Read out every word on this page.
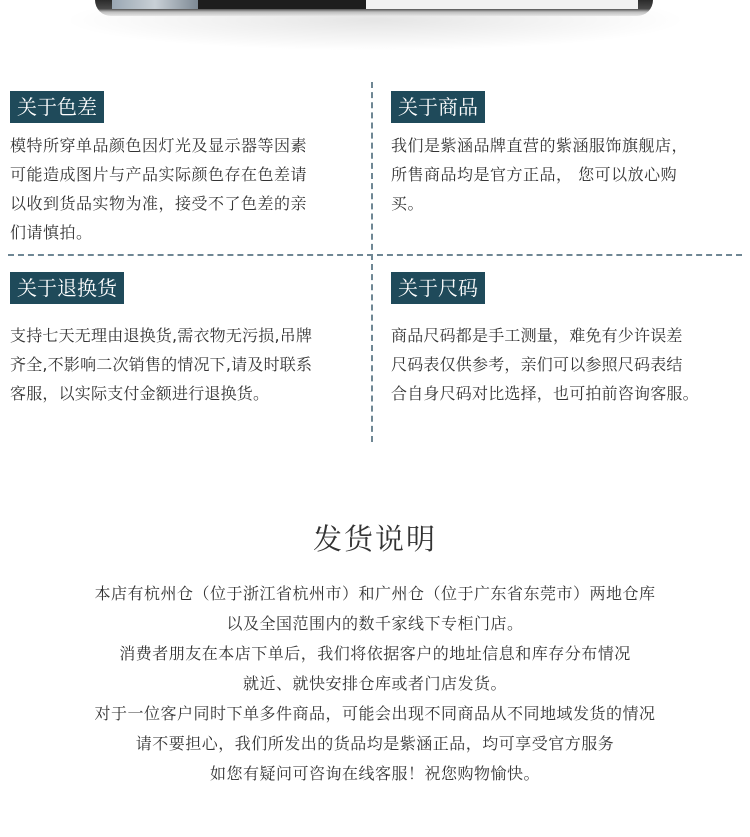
关于色差
模特所穿单品颜色因灯光及显示器等因素
可能造成图片与产品实际颜色存在色差请
以收到货品实物为准，接受不了色差的亲
们请慎拍。
关于商品
我们是紫涵品牌直营的紫涵服饰旗舰店，
所售商品均是官方正品， 您可以放心购
买。
关于退换货
支持七天无理由退换货,需衣物无污损,吊牌
齐全,不影响二次销售的情况下,请及时联系
客服，以实际支付金额进行退换货。
关于尺码
商品尺码都是手工测量，难免有少许误差
尺码表仅供参考，亲们可以参照尺码表结
合自身尺码对比选择，也可拍前咨询客服。
发货说明
本店有杭州仓（位于浙江省杭州市）和广州仓（位于广东省东莞市）两地仓库
以及全国范围内的数千家线下专柜门店。
消费者朋友在本店下单后，我们将依据客户的地址信息和库存分布情况
就近、就快安排仓库或者门店发货。
对于一位客户同时下单多件商品，可能会出现不同商品从不同地域发货的情况
请不要担心，我们所发出的货品均是紫涵正品，均可享受官方服务
如您有疑问可咨询在线客服！祝您购物愉快。
